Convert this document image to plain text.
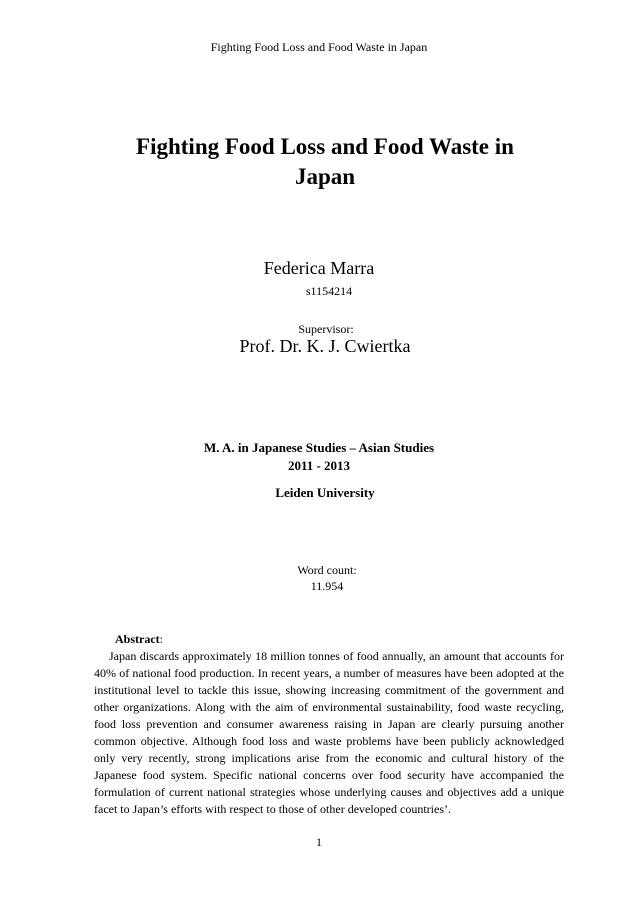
Fighting Food Loss and Food Waste in Japan
Fighting Food Loss and Food Waste in
Japan
Federica Marra
s1154214
Supervisor:
Prof. Dr. K. J. Cwiertka
M. A. in Japanese Studies – Asian Studies
2011 - 2013
Leiden University
Word count:
11.954
Abstract:
Japan discards approximately 18 million tonnes of food annually, an amount that accounts for 40% of national food production. In recent years, a number of measures have been adopted at the institutional level to tackle this issue, showing increasing commitment of the government and other organizations. Along with the aim of environmental sustainability, food waste recycling, food loss prevention and consumer awareness raising in Japan are clearly pursuing another common objective. Although food loss and waste problems have been publicly acknowledged only very recently, strong implications arise from the economic and cultural history of the Japanese food system. Specific national concerns over food security have accompanied the formulation of current national strategies whose underlying causes and objectives add a unique facet to Japan’s efforts with respect to those of other developed countries’.
1
